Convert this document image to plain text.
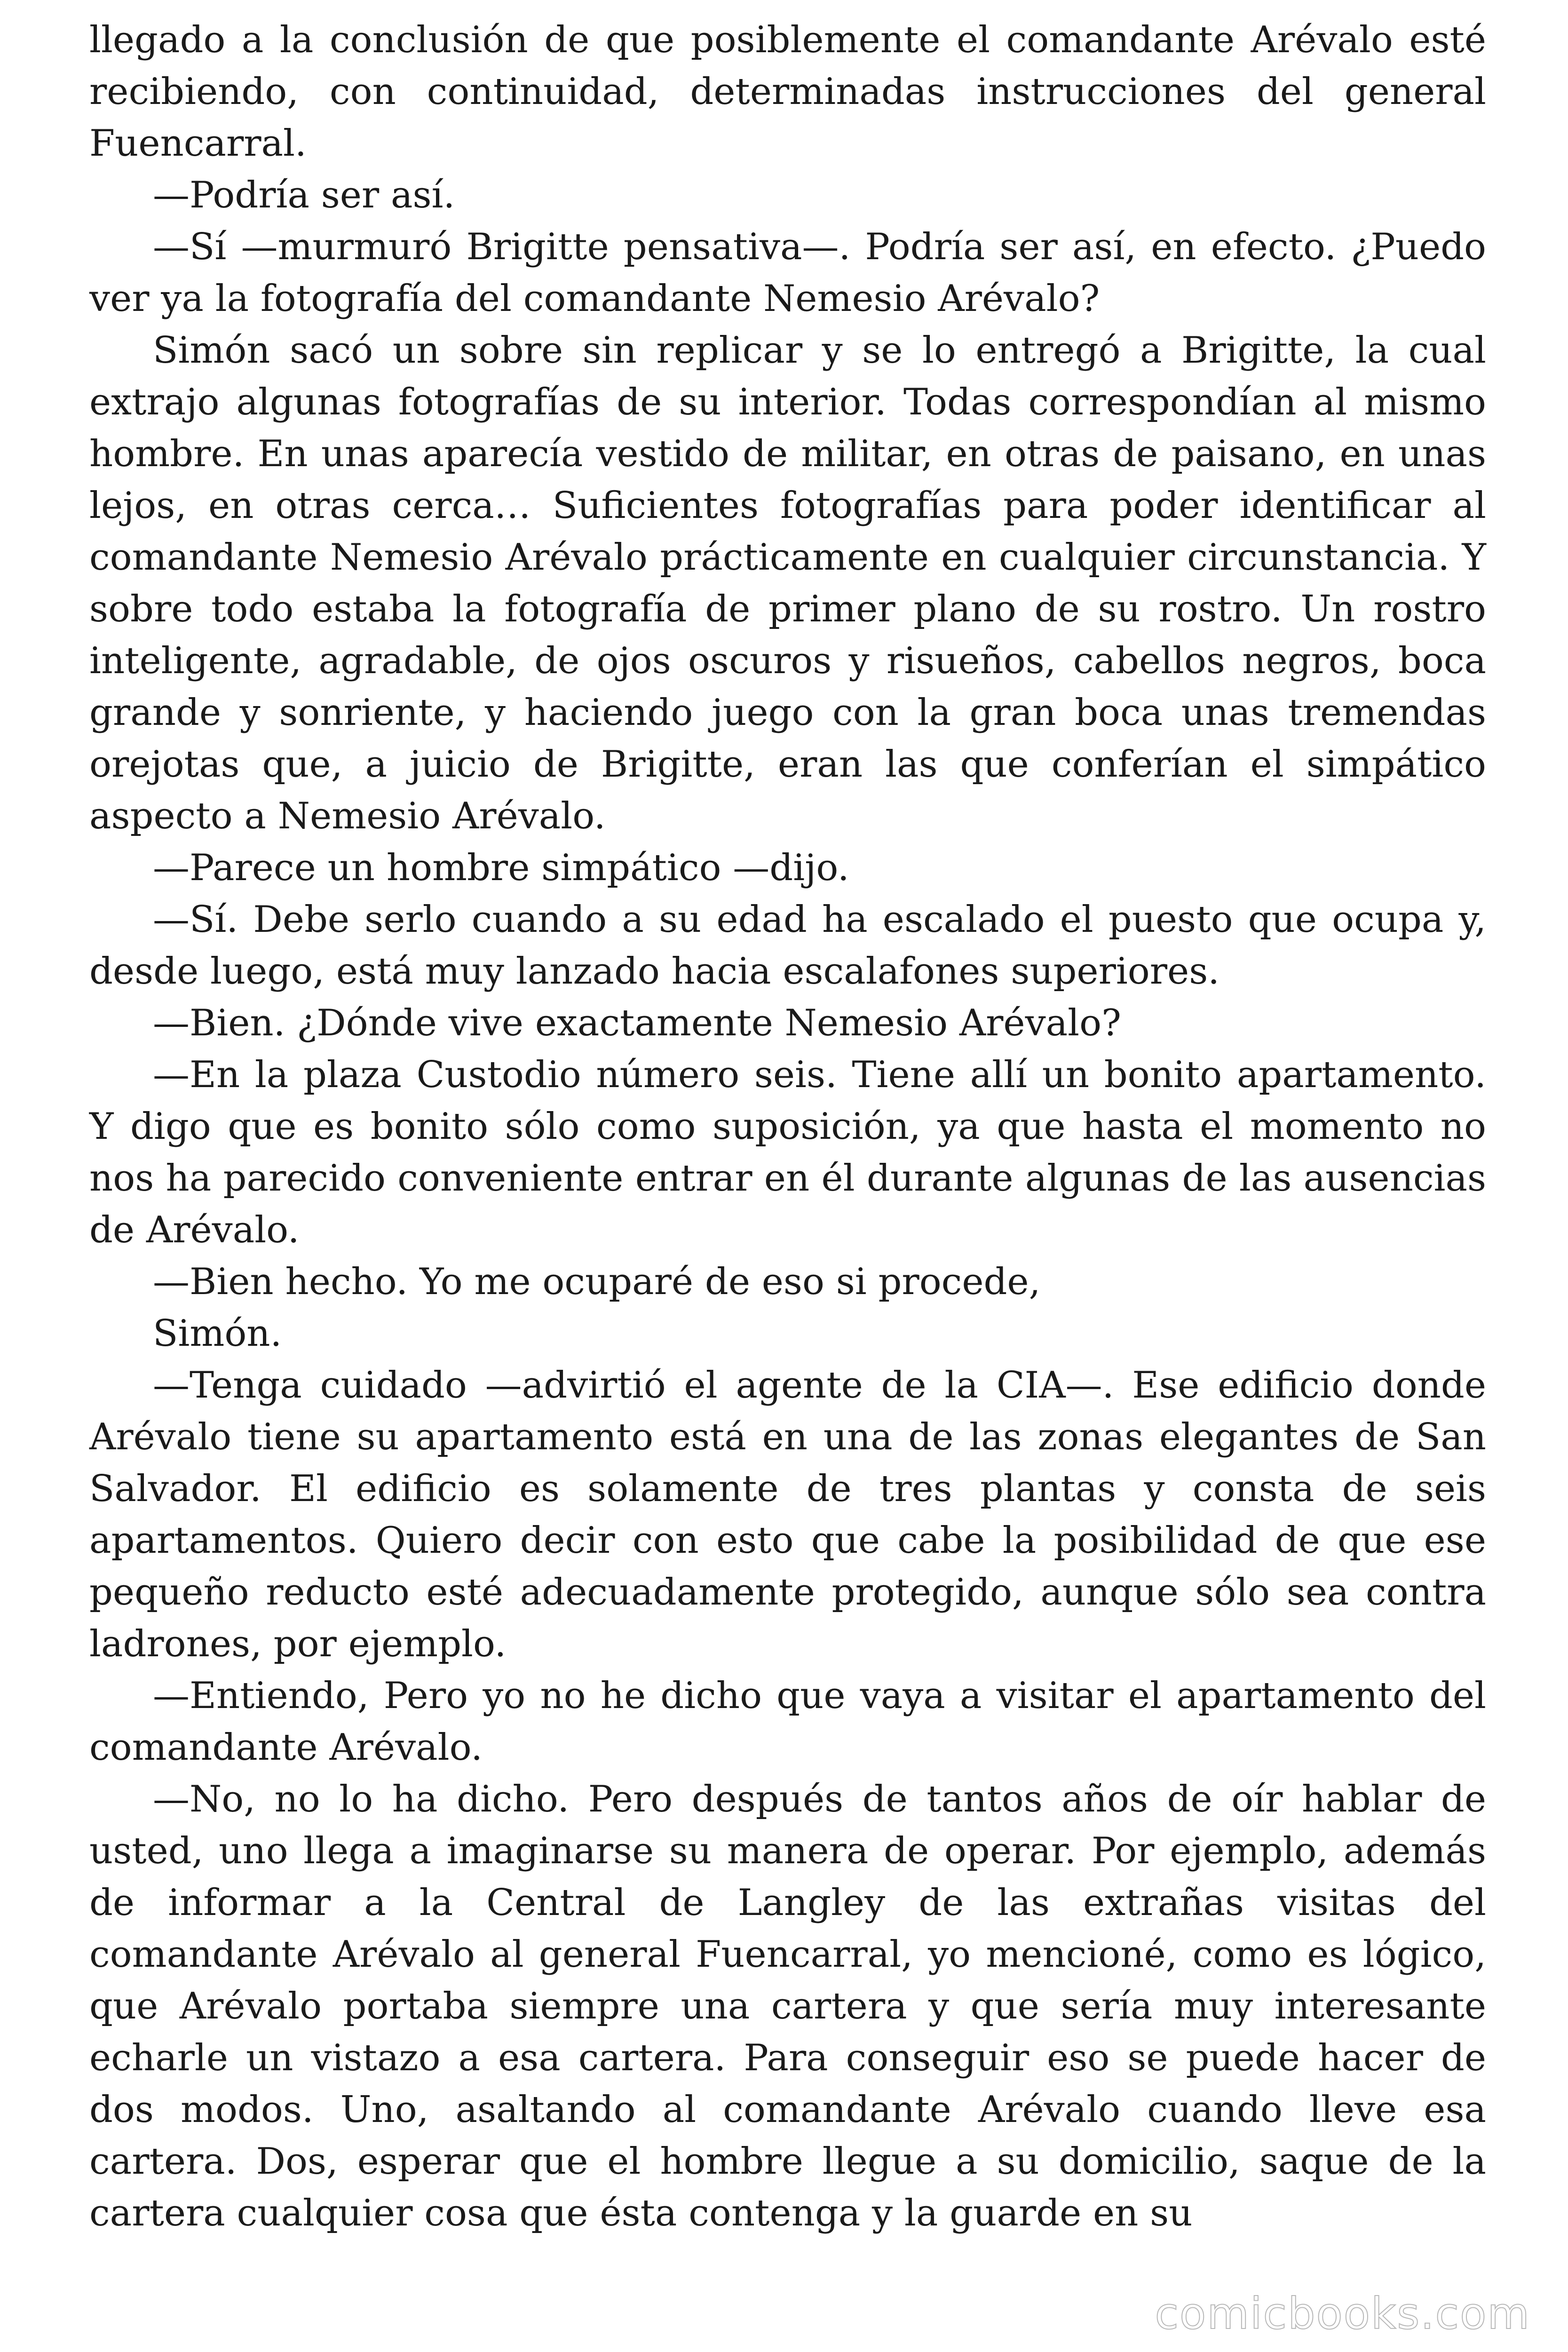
llegado a la conclusión de que posiblemente el comandante Arévalo esté recibiendo, con continuidad, determinadas instrucciones del general Fuencarral.

—Podría ser así.

—Sí —murmuró Brigitte pensativa—. Podría ser así, en efecto. ¿Puedo ver ya la fotografía del comandante Nemesio Arévalo?

Simón sacó un sobre sin replicar y se lo entregó a Brigitte, la cual extrajo algunas fotografías de su interior. Todas correspondían al mismo hombre. En unas aparecía vestido de militar, en otras de paisano, en unas lejos, en otras cerca… Suficientes fotografías para poder identificar al comandante Nemesio Arévalo prácticamente en cualquier circunstancia. Y sobre todo estaba la fotografía de primer plano de su rostro. Un rostro inteligente, agradable, de ojos oscuros y risueños, cabellos negros, boca grande y sonriente, y haciendo juego con la gran boca unas tremendas orejotas que, a juicio de Brigitte, eran las que conferían el simpático aspecto a Nemesio Arévalo.

—Parece un hombre simpático —dijo.

—Sí. Debe serlo cuando a su edad ha escalado el puesto que ocupa y, desde luego, está muy lanzado hacia escalafones superiores.

—Bien. ¿Dónde vive exactamente Nemesio Arévalo?

—En la plaza Custodio número seis. Tiene allí un bonito apartamento. Y digo que es bonito sólo como suposición, ya que hasta el momento no nos ha parecido conveniente entrar en él durante algunas de las ausencias de Arévalo.

—Bien hecho. Yo me ocuparé de eso si procede,

Simón.

—Tenga cuidado —advirtió el agente de la CIA—. Ese edificio donde Arévalo tiene su apartamento está en una de las zonas elegantes de San Salvador. El edificio es solamente de tres plantas y consta de seis apartamentos. Quiero decir con esto que cabe la posibilidad de que ese pequeño reducto esté adecuadamente protegido, aunque sólo sea contra ladrones, por ejemplo.

—Entiendo, Pero yo no he dicho que vaya a visitar el apartamento del comandante Arévalo.

—No, no lo ha dicho. Pero después de tantos años de oír hablar de usted, uno llega a imaginarse su manera de operar. Por ejemplo, además de informar a la Central de Langley de las extrañas visitas del comandante Arévalo al general Fuencarral, yo mencioné, como es lógico, que Arévalo portaba siempre una cartera y que sería muy interesante echarle un vistazo a esa cartera. Para conseguir eso se puede hacer de dos modos. Uno, asaltando al comandante Arévalo cuando lleve esa cartera. Dos, esperar que el hombre llegue a su domicilio, saque de la cartera cualquier cosa que ésta contenga y la guarde en su

comicbooks.com
